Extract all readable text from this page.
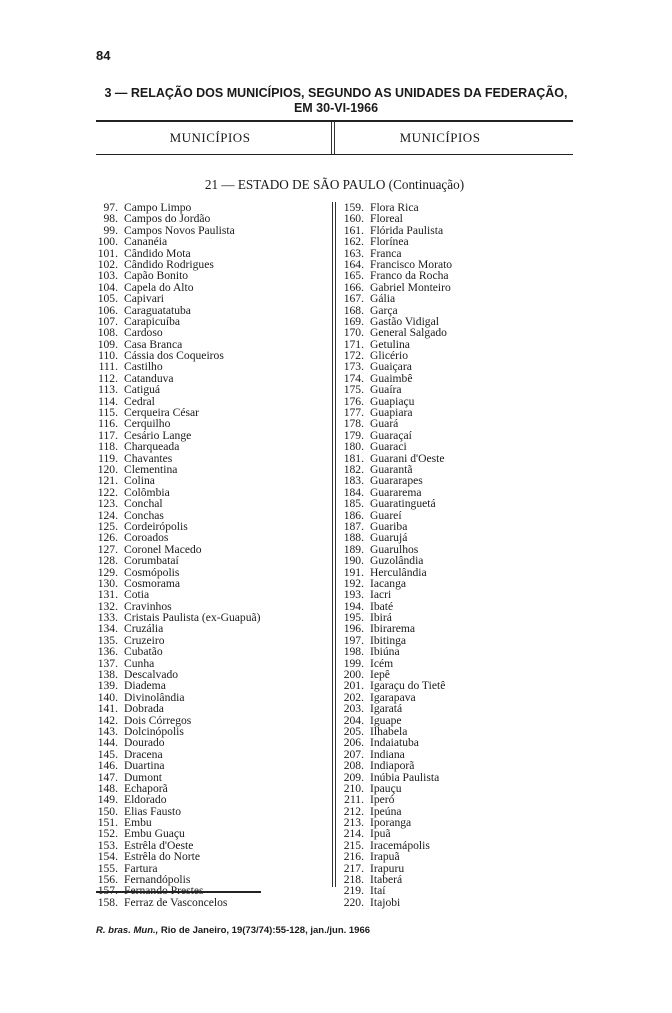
84
3 — RELAÇÃO DOS MUNICÍPIOS, SEGUNDO AS UNIDADES DA FEDERAÇÃO,
EM 30-VI-1966
MUNICÍPIOS	MUNICÍPIOS
21 — ESTADO DE SÃO PAULO (Continuação)
97. Campo Limpo
98. Campos do Jordão
99. Campos Novos Paulista
100. Cananéia
101. Cândido Mota
102. Cândido Rodrigues
103. Capão Bonito
104. Capela do Alto
105. Capivari
106. Caraguatatuba
107. Carapicuíba
108. Cardoso
109. Casa Branca
110. Cássia dos Coqueiros
111. Castilho
112. Catanduva
113. Catiguá
114. Cedral
115. Cerqueira César
116. Cerquilho
117. Cesário Lange
118. Charqueada
119. Chavantes
120. Clementina
121. Colina
122. Colômbia
123. Conchal
124. Conchas
125. Cordeirópolis
126. Coroados
127. Coronel Macedo
128. Corumbataí
129. Cosmópolis
130. Cosmorama
131. Cotia
132. Cravinhos
133. Cristais Paulista (ex-Guapuã)
134. Cruzália
135. Cruzeiro
136. Cubatão
137. Cunha
138. Descalvado
139. Diadema
140. Divinolândia
141. Dobrada
142. Dois Córregos
143. Dolcinópolis
144. Dourado
145. Dracena
146. Duartina
147. Dumont
148. Echaporã
149. Eldorado
150. Elias Fausto
151. Embu
152. Embu Guaçu
153. Estrêla d'Oeste
154. Estrêla do Norte
155. Fartura
156. Fernandópolis
158. Ferraz de Vasconcelos
159. Flora Rica
160. Floreal
161. Flórida Paulista
162. Florínea
163. Franca
164. Francisco Morato
165. Franco da Rocha
166. Gabriel Monteiro
167. Gália
168. Garça
169. Gastão Vidigal
170. General Salgado
171. Getulina
172. Glicério
173. Guaiçara
174. Guaimbê
175. Guaíra
176. Guapiaçu
177. Guapiara
178. Guará
179. Guaraçaí
180. Guaraci
181. Guarani d'Oeste
182. Guarantã
183. Guararapes
184. Guararema
185. Guaratinguetá
186. Guareí
187. Guariba
188. Guarujá
189. Guarulhos
190. Guzolândia
191. Herculândia
192. Iacanga
193. Iacri
194. Ibaté
195. Ibirá
196. Ibirarema
197. Ibitinga
198. Ibiúna
199. Icém
200. Iepê
201. Igaraçu do Tietê
202. Igarapava
203. Igaratá
204. Iguape
205. Ilhabela
206. Indaiatuba
207. Indiana
208. Indiaporã
209. Inúbia Paulista
210. Ipauçu
211. Iperó
212. Ipeúna
213. Iporanga
214. Ipuã
215. Iracemápolis
216. Irapuã
217. Irapuru
218. Itaberá
219. Itaí
220. Itajobi
R. bras. Mun., Rio de Janeiro, 19(73/74):55-128, jan./jun. 1966
